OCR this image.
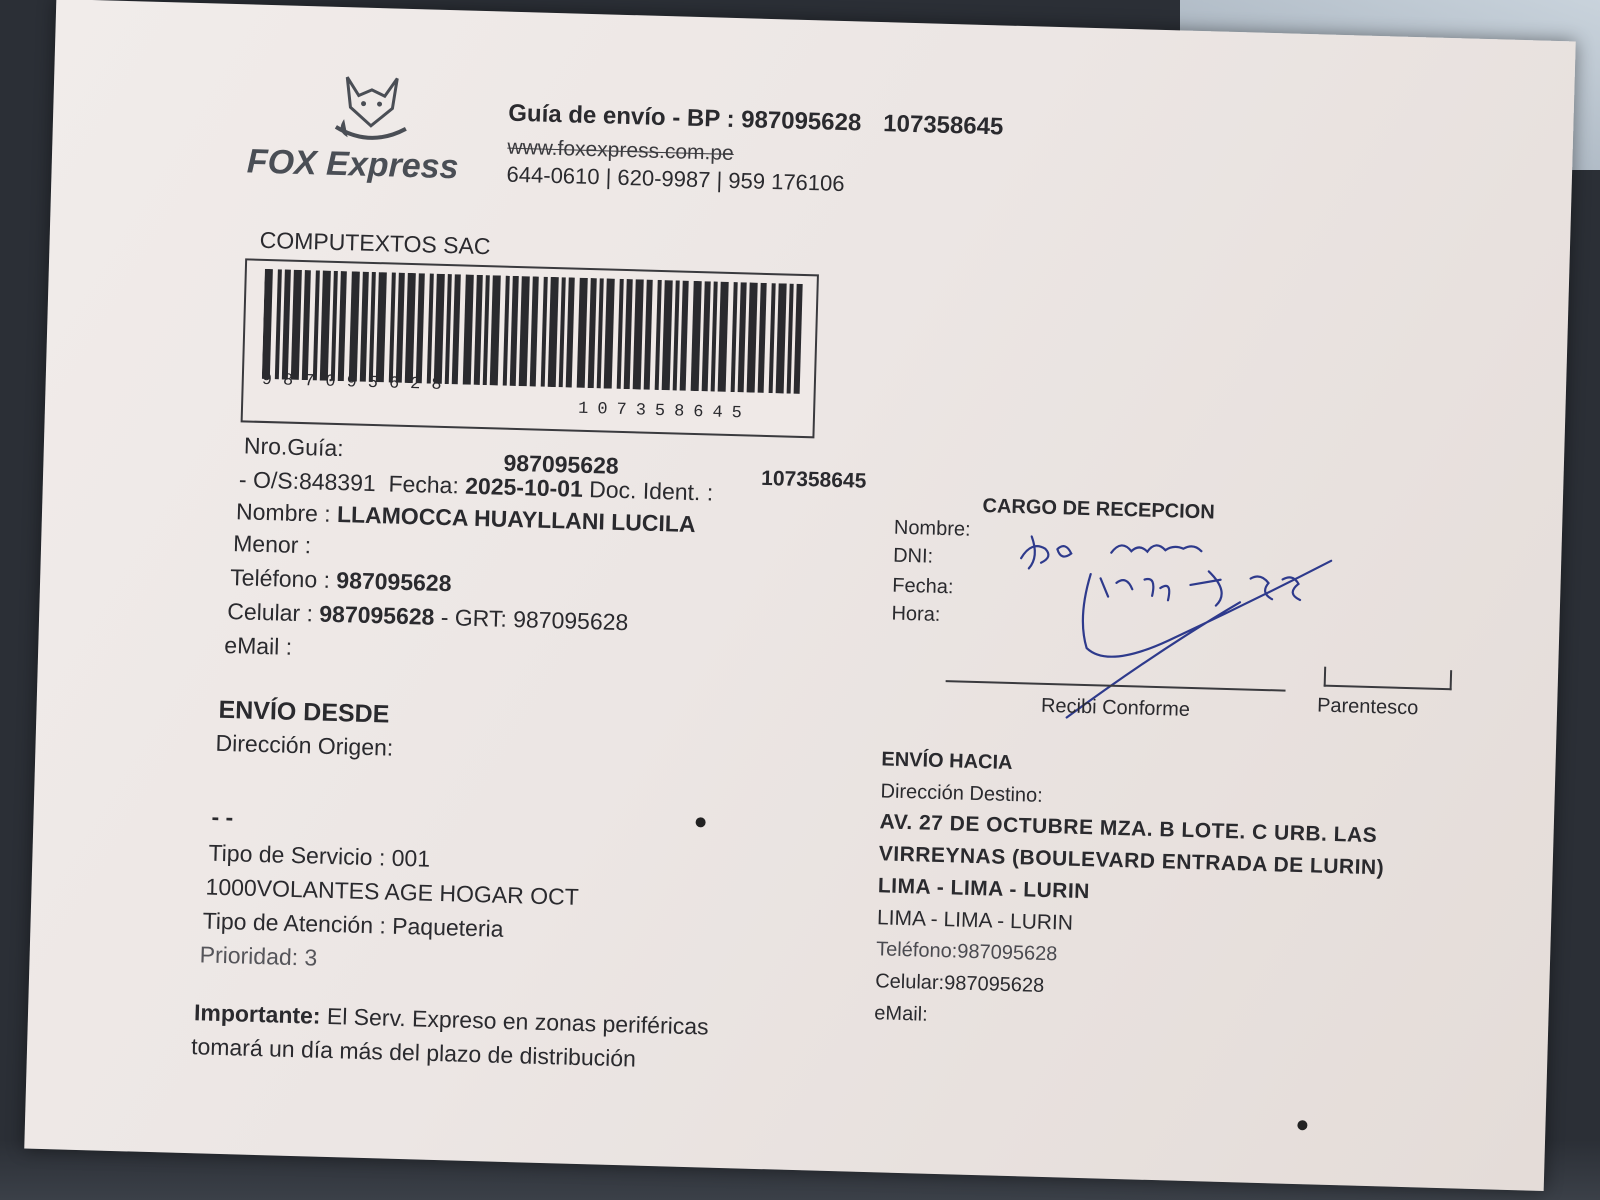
FOX Express
Guía de envío - BP : 987095628 107358645
www.foxexpress.com.pe
644-0610 | 620-9987 | 959 176106
COMPUTEXTOS SAC
987095628
107358645
Nro.Guía:
987095628
107358645
- O/S:848391 Fecha: 2025-10-01 Doc. Ident. :
Nombre : LLAMOCCA HUAYLLANI LUCILA
Menor :
Teléfono : 987095628
Celular : 987095628 - GRT: 987095628
eMail :
ENVÍO DESDE
Dirección Origen:
- -
Tipo de Servicio : 001
1000VOLANTES AGE HOGAR OCT
Tipo de Atención : Paqueteria
Prioridad: 3
Importante: El Serv. Expreso en zonas periféricas
tomará un día más del plazo de distribución
CARGO DE RECEPCION
Nombre:
DNI:
Fecha:
Hora:
Recibi Conforme	Parentesco
ENVÍO HACIA
Dirección Destino:
AV. 27 DE OCTUBRE MZA. B LOTE. C URB. LAS
VIRREYNAS (BOULEVARD ENTRADA DE LURIN)
LIMA - LIMA - LURIN
LIMA - LIMA - LURIN
Teléfono:987095628
Celular:987095628
eMail:
